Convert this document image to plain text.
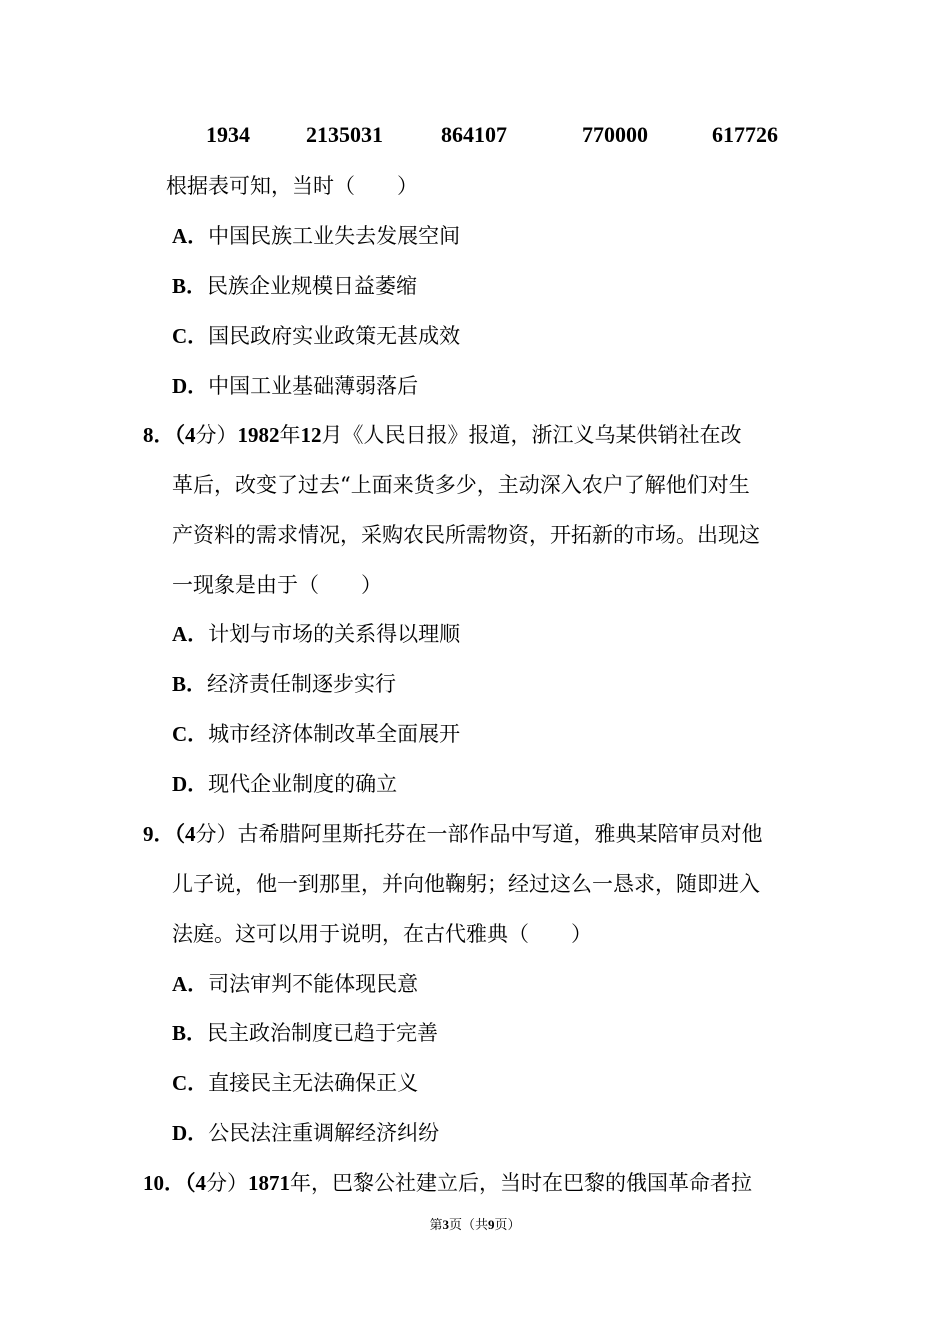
1934	2135031	864107	770000	617726
根据表可知，当时（　　）
A．中国民族工业失去发展空间
B．民族企业规模日益萎缩
C．国民政府实业政策无甚成效
D．中国工业基础薄弱落后
8．（4分）1982年12月《人民日报》报道，浙江义乌某供销社在改
革后，改变了过去“上面来货多少，主动深入农户了解他们对生
产资料的需求情况，采购农民所需物资，开拓新的市场。出现这
一现象是由于（　　）
A．计划与市场的关系得以理顺
B．经济责任制逐步实行
C．城市经济体制改革全面展开
D．现代企业制度的确立
9．（4分）古希腊阿里斯托芬在一部作品中写道，雅典某陪审员对他
儿子说，他一到那里，并向他鞠躬；经过这么一恳求，随即进入
法庭。这可以用于说明，在古代雅典（　　）
A．司法审判不能体现民意
B．民主政治制度已趋于完善
C．直接民主无法确保正义
D．公民法注重调解经济纠纷
10．（4分）1871年，巴黎公社建立后，当时在巴黎的俄国革命者拉
第3页（共9页）
